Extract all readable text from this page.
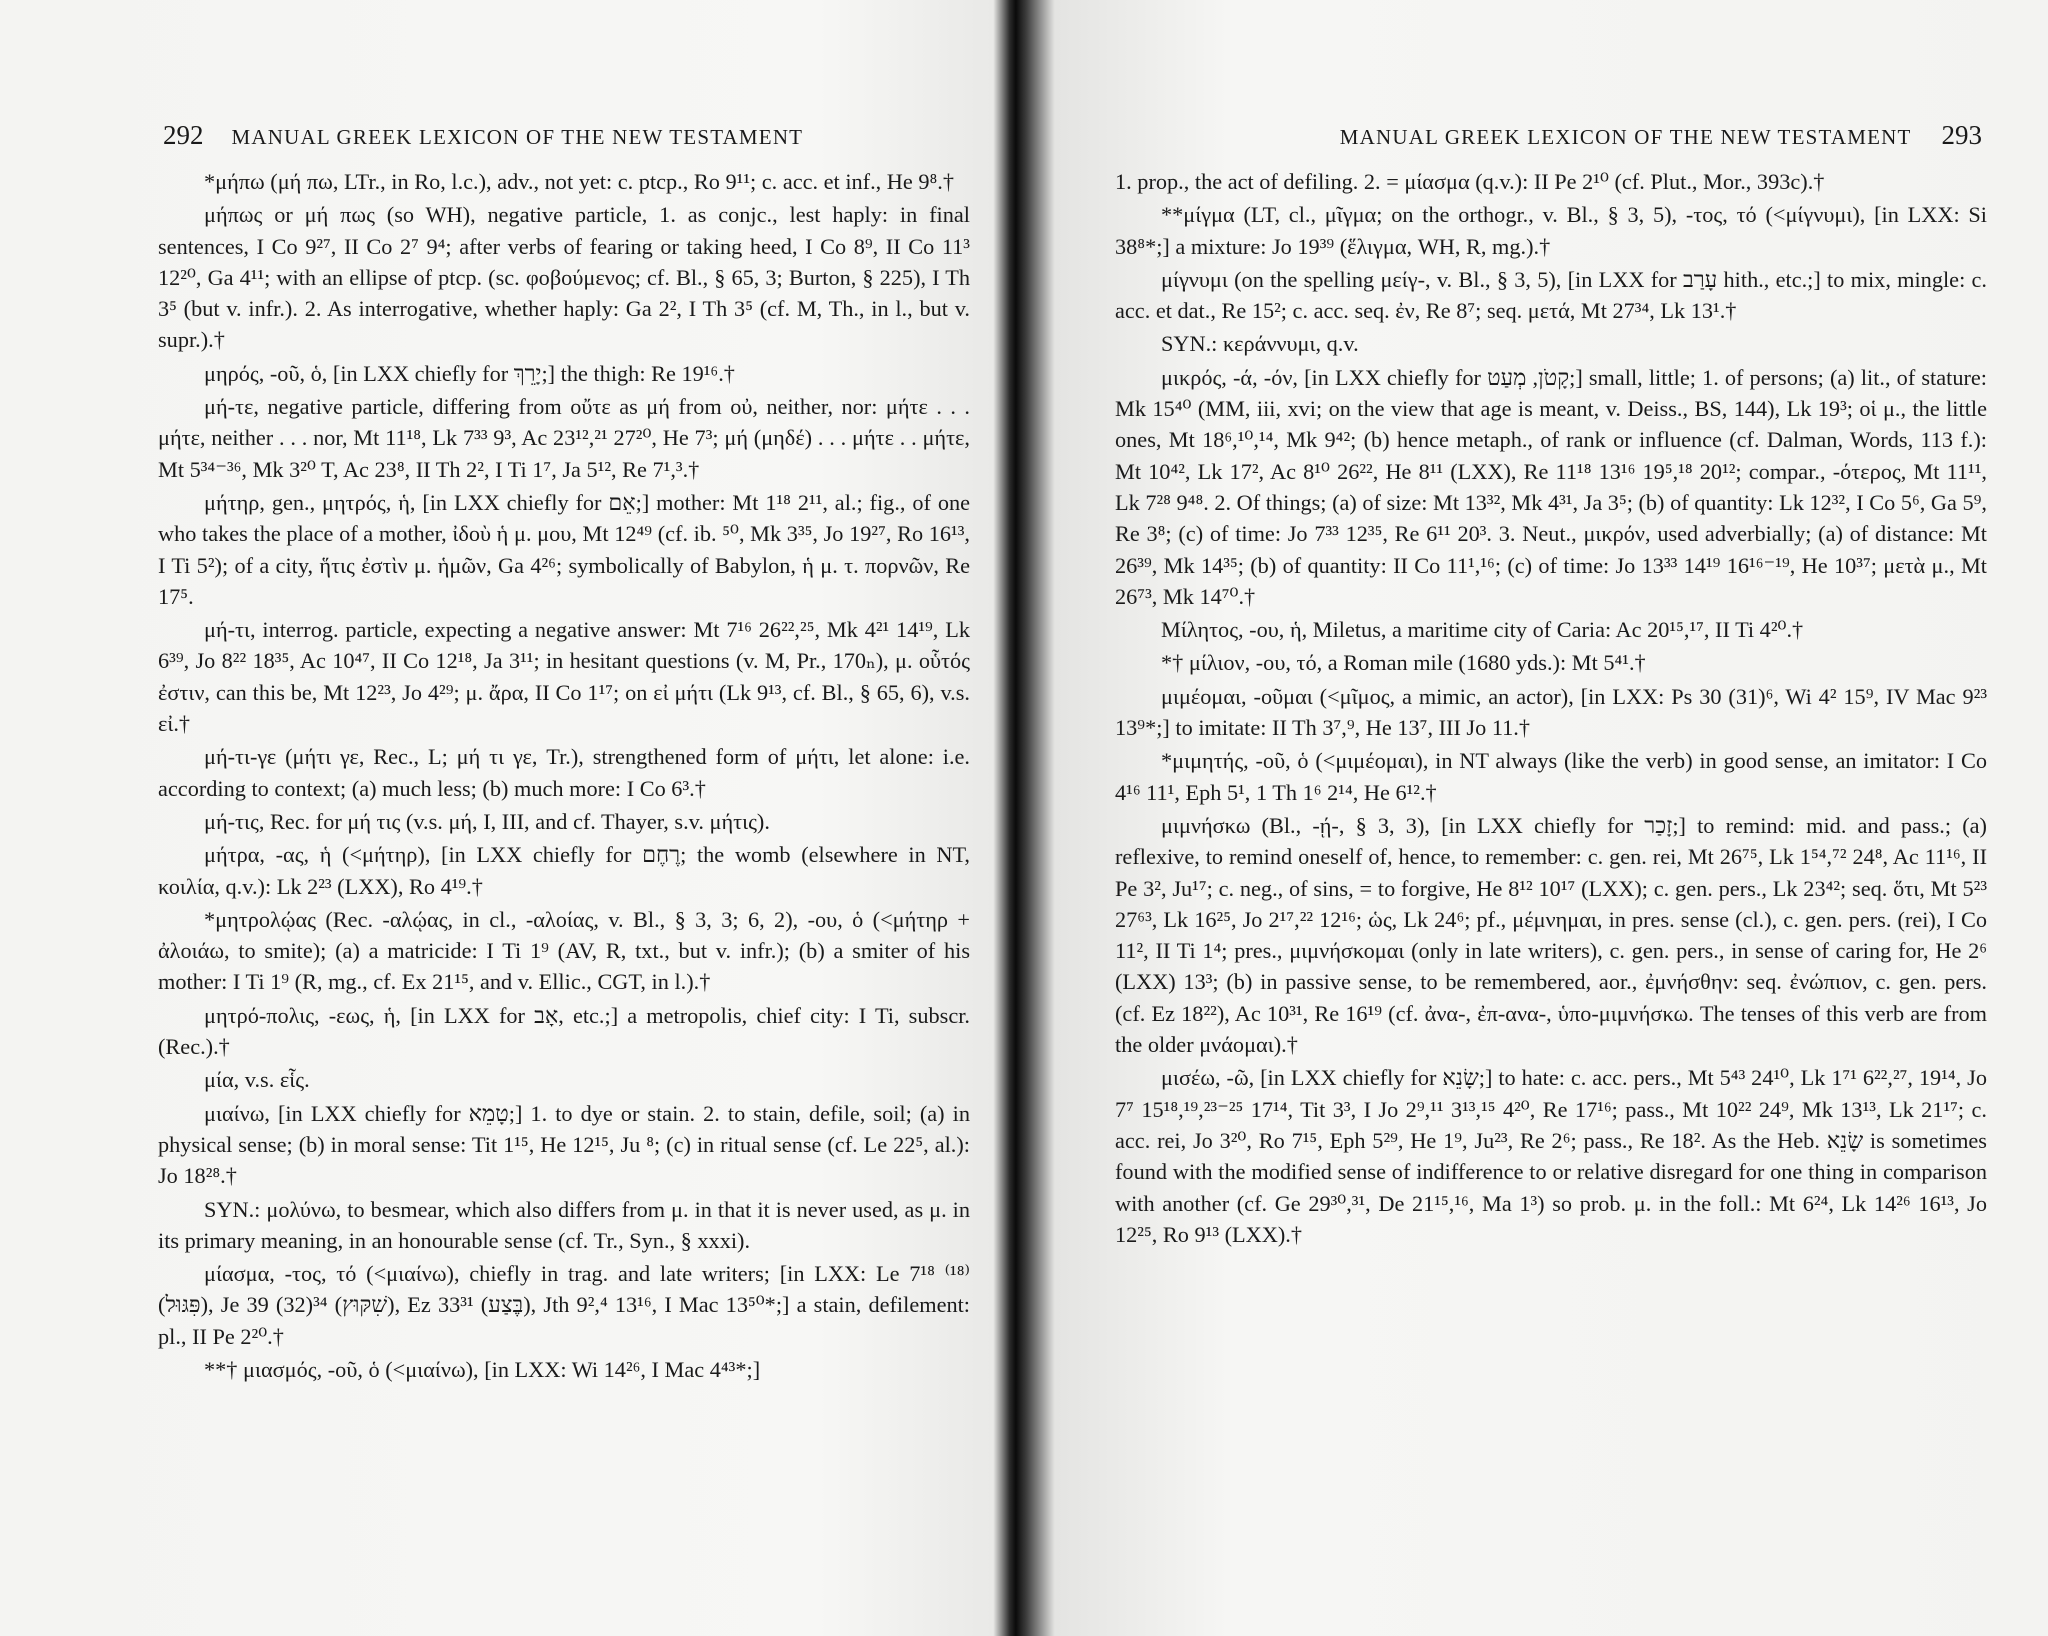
292 MANUAL GREEK LEXICON OF THE NEW TESTAMENT

*μήπω (μή πω, LTr., in Ro, l.c.), adv., not yet: c. ptcp., Ro 9¹¹; c. acc. et inf., He 9⁸.†

μήπως or μή πως (so WH), negative particle, 1. as conjc., lest haply: in final sentences, I Co 9²⁷, II Co 2⁷ 9⁴; after verbs of fearing or taking heed, I Co 8⁹, II Co 11³ 12²⁰, Ga 4¹¹; with an ellipse of ptcp. (sc. φοβούμενος; cf. Bl., § 65, 3; Burton, § 225), I Th 3⁵ (but v. infr.). 2. As interrogative, whether haply: Ga 2², I Th 3⁵ (cf. M, Th., in l., but v. supr.).†

μηρός, -οῦ, ὁ, [in LXX chiefly for יָרֵךְ;] the thigh: Re 19¹⁶.†

μή-τε, negative particle, differing from οὔτε as μή from οὐ, neither, nor: μήτε . . . μήτε, neither . . . nor, Mt 11¹⁸, Lk 7³³ 9³, Ac 23¹²,²¹ 27²⁰, He 7³; μή (μηδέ) . . . μήτε . . μήτε, Mt 5³⁴⁻³⁶, Mk 3²⁰ T, Ac 23⁸, II Th 2², I Ti 1⁷, Ja 5¹², Re 7¹,³.†

μήτηρ, gen., μητρός, ἡ, [in LXX chiefly for אֵם;] mother: Mt 1¹⁸ 2¹¹, al.; fig., of one who takes the place of a mother, ἰδοὺ ἡ μ. μου, Mt 12⁴⁹ (cf. ib. ⁵⁰, Mk 3³⁵, Jo 19²⁷, Ro 16¹³, I Ti 5²); of a city, ἥτις ἐστὶν μ. ἡμῶν, Ga 4²⁶; symbolically of Babylon, ἡ μ. τ. πορνῶν, Re 17⁵.

μή-τι, interrog. particle, expecting a negative answer: Mt 7¹⁶ 26²²,²⁵, Mk 4²¹ 14¹⁹, Lk 6³⁹, Jo 8²² 18³⁵, Ac 10⁴⁷, II Co 12¹⁸, Ja 3¹¹; in hesitant questions (v. M, Pr., 170ₙ), μ. οὗτός ἐστιν, can this be, Mt 12²³, Jo 4²⁹; μ. ἄρα, II Co 1¹⁷; on εἰ μήτι (Lk 9¹³, cf. Bl., § 65, 6), v.s. εἰ.†

μή-τι-γε (μήτι γε, Rec., L; μή τι γε, Tr.), strengthened form of μήτι, let alone: i.e. according to context; (a) much less; (b) much more: I Co 6³.†

μή-τις, Rec. for μή τις (v.s. μή, I, III, and cf. Thayer, s.v. μήτις).

μήτρα, -ας, ἡ (<μήτηρ), [in LXX chiefly for רֶחֶם; the womb (elsewhere in NT, κοιλία, q.v.): Lk 2²³ (LXX), Ro 4¹⁹.†

*μητρολῴας (Rec. -αλῴας, in cl., -αλοίας, v. Bl., § 3, 3; 6, 2), -ου, ὁ (<μήτηρ + ἀλοιάω, to smite); (a) a matricide: I Ti 1⁹ (AV, R, txt., but v. infr.); (b) a smiter of his mother: I Ti 1⁹ (R, mg., cf. Ex 21¹⁵, and v. Ellic., CGT, in l.).†

μητρό-πολις, -εως, ἡ, [in LXX for אָב, etc.;] a metropolis, chief city: I Ti, subscr. (Rec.).†

μία, v.s. εἷς.

μιαίνω, [in LXX chiefly for טָמֵא;] 1. to dye or stain. 2. to stain, defile, soil; (a) in physical sense; (b) in moral sense: Tit 1¹⁵, He 12¹⁵, Ju ⁸; (c) in ritual sense (cf. Le 22⁵, al.): Jo 18²⁸.†

SYN.: μολύνω, to besmear, which also differs from μ. in that it is never used, as μ. in its primary meaning, in an honourable sense (cf. Tr., Syn., § xxxi).

μίασμα, -τος, τό (<μιαίνω), chiefly in trag. and late writers; [in LXX: Le 7¹⁸ ⁽¹⁸⁾ (פִּגּוּל), Je 39 (32)³⁴ (שִׁקּוּץ), Ez 33³¹ (בֶּצַע), Jth 9²,⁴ 13¹⁶, I Mac 13⁵⁰*;] a stain, defilement: pl., II Pe 2²⁰.†

**† μιασμός, -οῦ, ὁ (<μιαίνω), [in LXX: Wi 14²⁶, I Mac 4⁴³*;]

MANUAL GREEK LEXICON OF THE NEW TESTAMENT 293

1. prop., the act of defiling. 2. = μίασμα (q.v.): II Pe 2¹⁰ (cf. Plut., Mor., 393c).†

**μίγμα (LT, cl., μῖγμα; on the orthogr., v. Bl., § 3, 5), -τος, τό (<μίγνυμι), [in LXX: Si 38⁸*;] a mixture: Jo 19³⁹ (ἕλιγμα, WH, R, mg.).†

μίγνυμι (on the spelling μείγ-, v. Bl., § 3, 5), [in LXX for עָרַב hith., etc.;] to mix, mingle: c. acc. et dat., Re 15²; c. acc. seq. ἐν, Re 8⁷; seq. μετά, Mt 27³⁴, Lk 13¹.†

SYN.: κεράννυμι, q.v.

μικρός, -ά, -όν, [in LXX chiefly for קָטֹן, מְעַט;] small, little; 1. of persons; (a) lit., of stature: Mk 15⁴⁰ (MM, iii, xvi; on the view that age is meant, v. Deiss., BS, 144), Lk 19³; οἱ μ., the little ones, Mt 18⁶,¹⁰,¹⁴, Mk 9⁴²; (b) hence metaph., of rank or influence (cf. Dalman, Words, 113 f.): Mt 10⁴², Lk 17², Ac 8¹⁰ 26²², He 8¹¹ (LXX), Re 11¹⁸ 13¹⁶ 19⁵,¹⁸ 20¹²; compar., -ότερος, Mt 11¹¹, Lk 7²⁸ 9⁴⁸. 2. Of things; (a) of size: Mt 13³², Mk 4³¹, Ja 3⁵; (b) of quantity: Lk 12³², I Co 5⁶, Ga 5⁹, Re 3⁸; (c) of time: Jo 7³³ 12³⁵, Re 6¹¹ 20³. 3. Neut., μικρόν, used adverbially; (a) of distance: Mt 26³⁹, Mk 14³⁵; (b) of quantity: II Co 11¹,¹⁶; (c) of time: Jo 13³³ 14¹⁹ 16¹⁶⁻¹⁹, He 10³⁷; μετὰ μ., Mt 26⁷³, Mk 14⁷⁰.†

Μίλητος, -ου, ἡ, Miletus, a maritime city of Caria: Ac 20¹⁵,¹⁷, II Ti 4²⁰.†

*† μίλιον, -ου, τό, a Roman mile (1680 yds.): Mt 5⁴¹.†

μιμέομαι, -οῦμαι (<μῖμος, a mimic, an actor), [in LXX: Ps 30 (31)⁶, Wi 4² 15⁹, IV Mac 9²³ 13⁹*;] to imitate: II Th 3⁷,⁹, He 13⁷, III Jo 11.†

*μιμητής, -οῦ, ὁ (<μιμέομαι), in NT always (like the verb) in good sense, an imitator: I Co 4¹⁶ 11¹, Eph 5¹, 1 Th 1⁶ 2¹⁴, He 6¹².†

μιμνήσκω (Bl., -ῄ-, § 3, 3), [in LXX chiefly for זָכַר;] to remind: mid. and pass.; (a) reflexive, to remind oneself of, hence, to remember: c. gen. rei, Mt 26⁷⁵, Lk 1⁵⁴,⁷² 24⁸, Ac 11¹⁶, II Pe 3², Ju¹⁷; c. neg., of sins, = to forgive, He 8¹² 10¹⁷ (LXX); c. gen. pers., Lk 23⁴²; seq. ὅτι, Mt 5²³ 27⁶³, Lk 16²⁵, Jo 2¹⁷,²² 12¹⁶; ὡς, Lk 24⁶; pf., μέμνημαι, in pres. sense (cl.), c. gen. pers. (rei), I Co 11², II Ti 1⁴; pres., μιμνήσκομαι (only in late writers), c. gen. pers., in sense of caring for, He 2⁶ (LXX) 13³; (b) in passive sense, to be remembered, aor., ἐμνήσθην: seq. ἐνώπιον, c. gen. pers. (cf. Ez 18²²), Ac 10³¹, Re 16¹⁹ (cf. ἀνα-, ἐπ-ανα-, ὑπο-μιμνήσκω. The tenses of this verb are from the older μνάομαι).†

μισέω, -ῶ, [in LXX chiefly for שָׂנֵא;] to hate: c. acc. pers., Mt 5⁴³ 24¹⁰, Lk 1⁷¹ 6²²,²⁷, 19¹⁴, Jo 7⁷ 15¹⁸,¹⁹,²³⁻²⁵ 17¹⁴, Tit 3³, I Jo 2⁹,¹¹ 3¹³,¹⁵ 4²⁰, Re 17¹⁶; pass., Mt 10²² 24⁹, Mk 13¹³, Lk 21¹⁷; c. acc. rei, Jo 3²⁰, Ro 7¹⁵, Eph 5²⁹, He 1⁹, Ju²³, Re 2⁶; pass., Re 18². As the Heb. שָׂנֵא is sometimes found with the modified sense of indifference to or relative disregard for one thing in comparison with another (cf. Ge 29³⁰,³¹, De 21¹⁵,¹⁶, Ma 1³) so prob. μ. in the foll.: Mt 6²⁴, Lk 14²⁶ 16¹³, Jo 12²⁵, Ro 9¹³ (LXX).†
